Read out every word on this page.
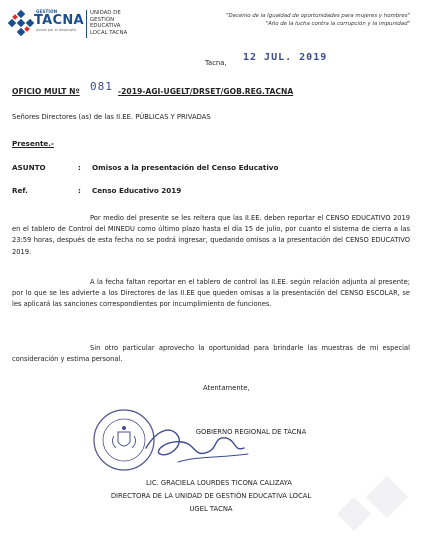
GESTIÓN
TACNA
juntos por el desarrollo
UNIDAD DE
GESTIÓN
EDUCATIVA
LOCAL TACNA
"Decenio de la Igualdad de oportunidades para mujeres y hombres"
"Año de la lucha contra la corrupción y la impunidad"
Tacna, 12 JUL. 2019
OFICIO MULT Nº 081 -2019-AGI-UGELT/DRSET/GOB.REG.TACNA
Señores Directores (as) de las II.EE. PÚBLICAS Y PRIVADAS
Presente.-
ASUNTO	: Omisos a la presentación del Censo Educativo
Ref.	: Censo Educativo 2019
Por medio del presente se les reitera que las II.EE. deben reportar el CENSO EDUCATIVO 2019 en el tablero de Control del MINEDU como último plazo hasta el día 15 de julio, por cuanto el sistema de cierra a las 23:59 horas, después de esta fecha no se podrá ingresar, quedando omisos a la presentación del CENSO EDUCATIVO 2019.
A la fecha faltan reportar en el tablero de control las II.EE. según relación adjunta al presente; por lo que se les advierte a los Directores de las II.EE que queden omisas a la presentación del CENSO ESCOLAR, se les aplicará las sanciones correspondientes por incumplimiento de funciones.
Sin otro particular aprovecho la oportunidad para brindarle las muestras de mi especial consideración y estima personal.
Atentamente,
GOBIERNO REGIONAL DE TACNA
LIC. GRACIELA LOURDES TICONA CALIZAYA
DIRECTORA DE LA UNIDAD DE GESTIÓN EDUCATIVA LOCAL
UGEL TACNA
